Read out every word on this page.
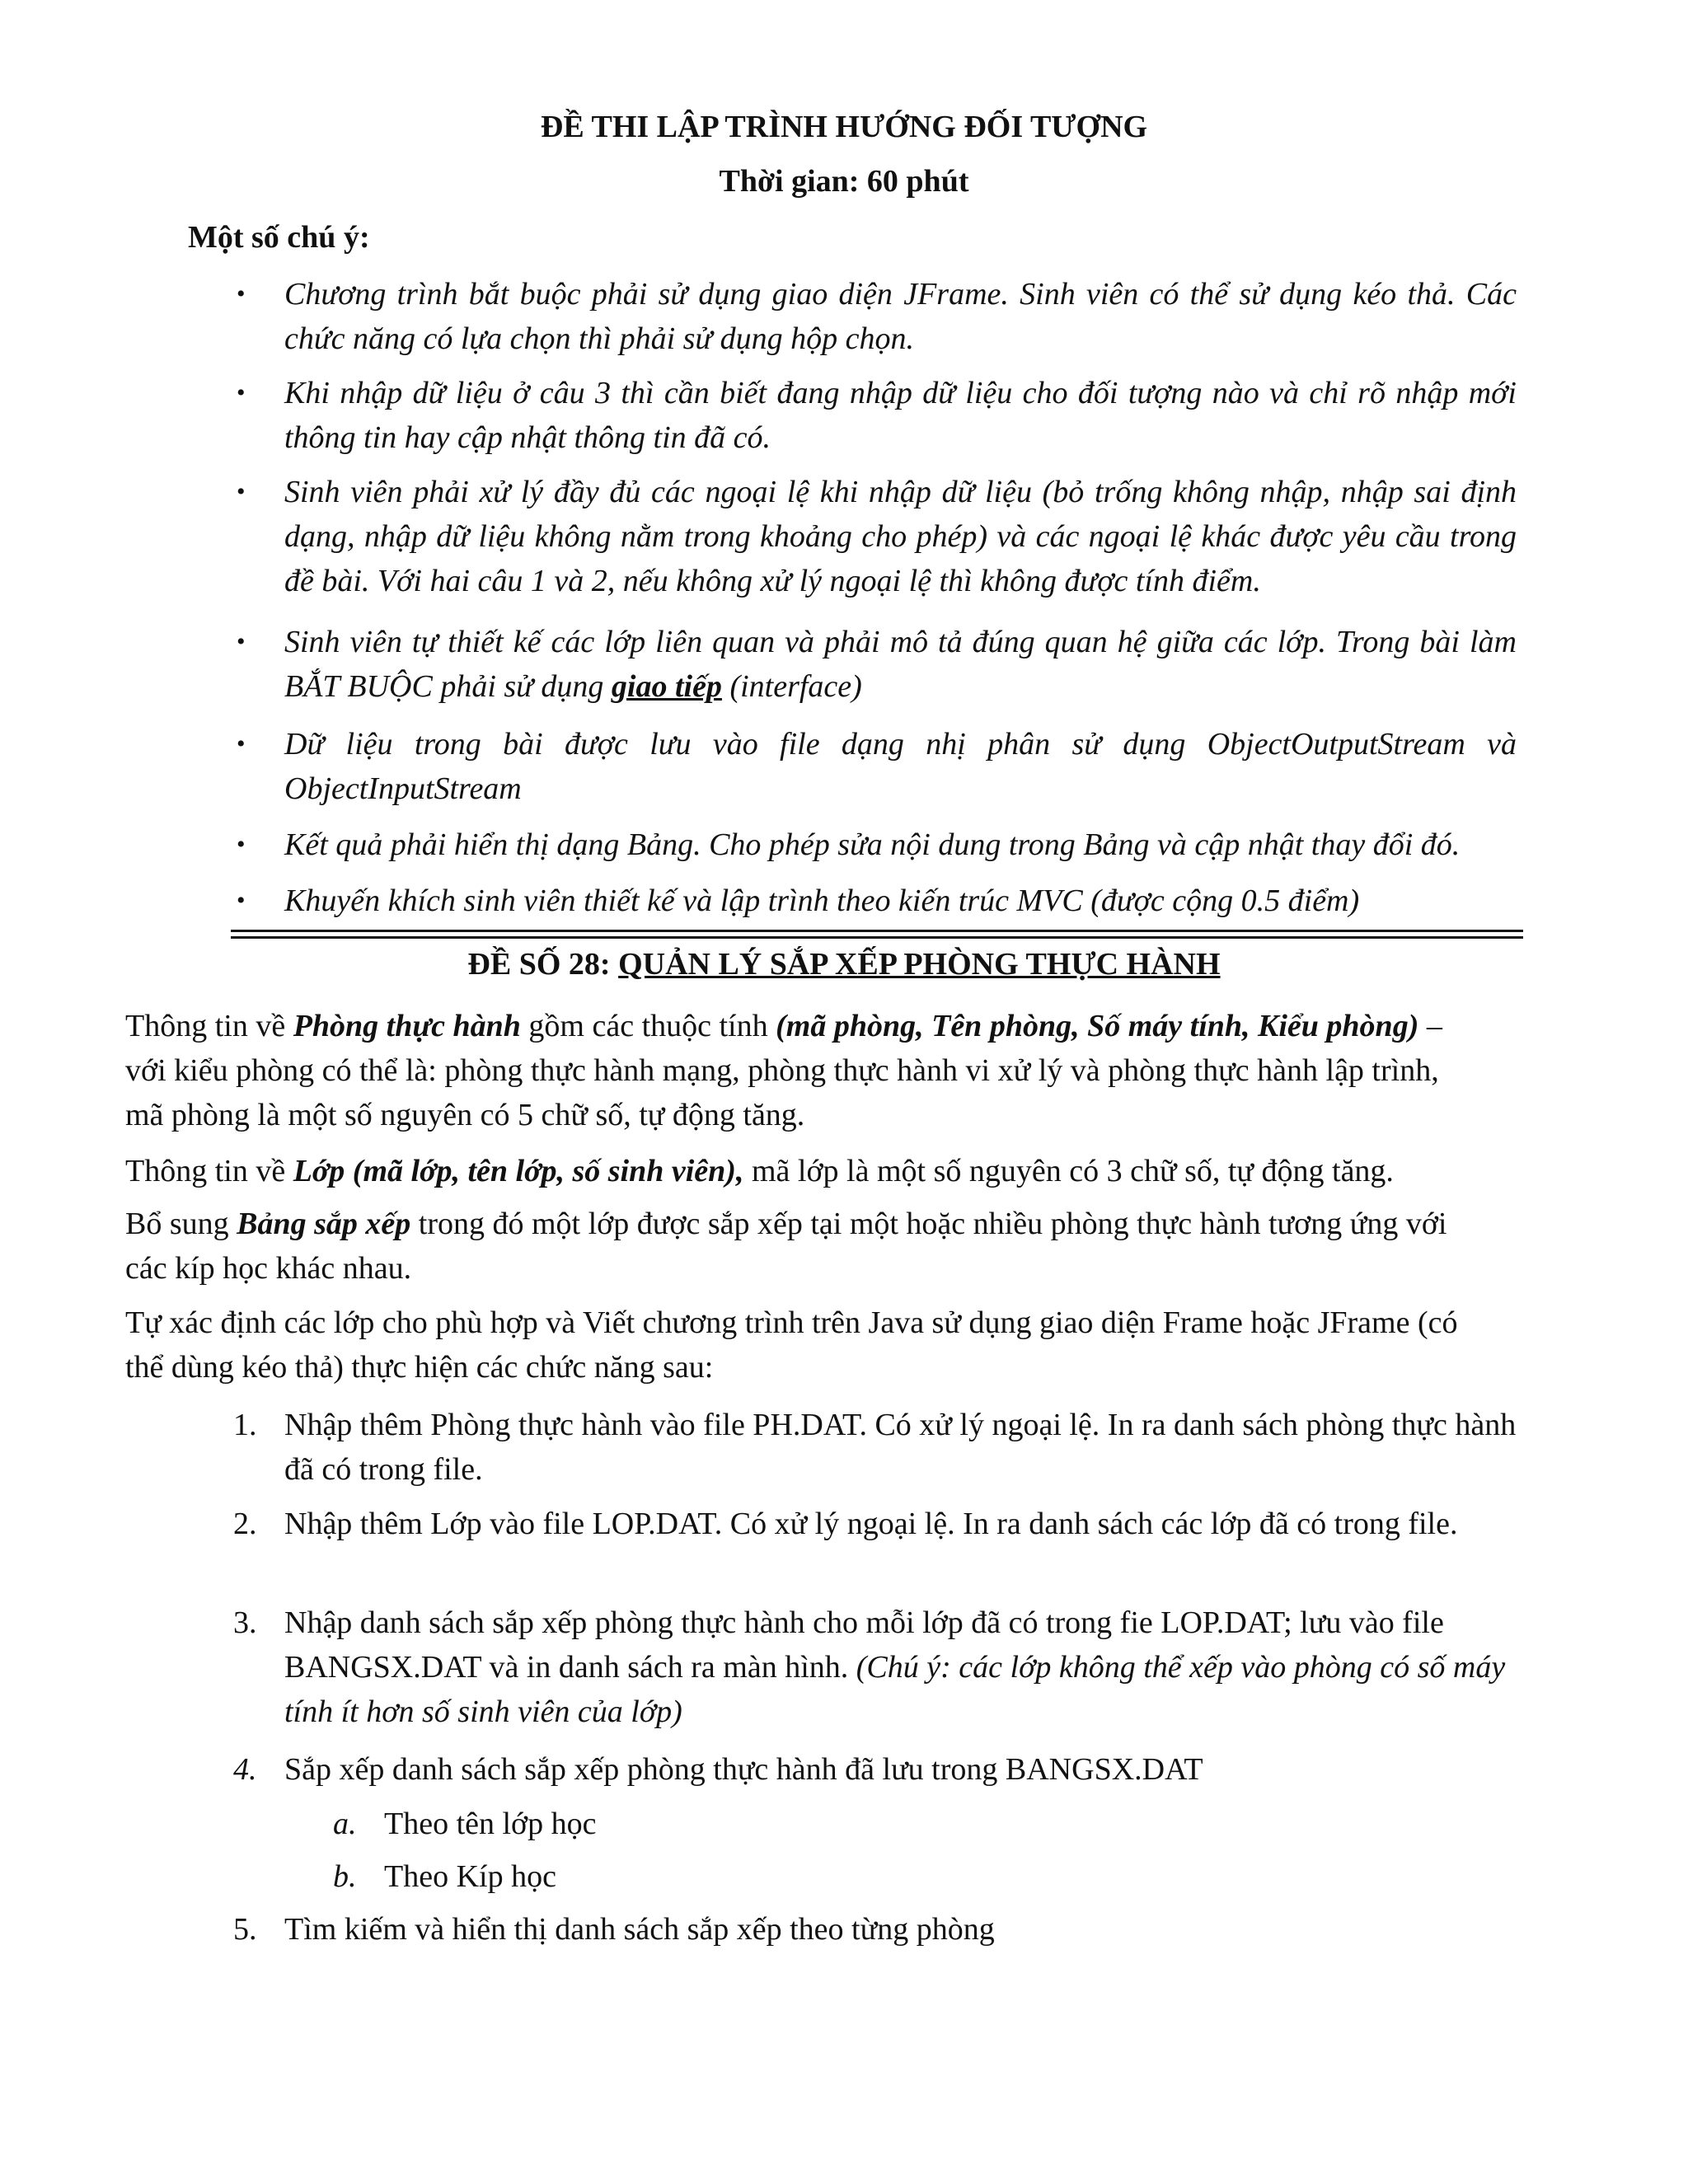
ĐỀ THI LẬP TRÌNH HƯỚNG ĐỐI TƯỢNG
Thời gian: 60 phút
Một số chú ý:
• Chương trình bắt buộc phải sử dụng giao diện JFrame. Sinh viên có thể sử dụng kéo thả. Các chức năng có lựa chọn thì phải sử dụng hộp chọn.
• Khi nhập dữ liệu ở câu 3 thì cần biết đang nhập dữ liệu cho đối tượng nào và chỉ rõ nhập mới thông tin hay cập nhật thông tin đã có.
• Sinh viên phải xử lý đầy đủ các ngoại lệ khi nhập dữ liệu (bỏ trống không nhập, nhập sai định dạng, nhập dữ liệu không nằm trong khoảng cho phép) và các ngoại lệ khác được yêu cầu trong đề bài. Với hai câu 1 và 2, nếu không xử lý ngoại lệ thì không được tính điểm.
• Sinh viên tự thiết kế các lớp liên quan và phải mô tả đúng quan hệ giữa các lớp. Trong bài làm BẮT BUỘC phải sử dụng giao tiếp (interface)
• Dữ liệu trong bài được lưu vào file dạng nhị phân sử dụng ObjectOutputStream và ObjectInputStream
• Kết quả phải hiển thị dạng Bảng. Cho phép sửa nội dung trong Bảng và cập nhật thay đổi đó.
• Khuyến khích sinh viên thiết kế và lập trình theo kiến trúc MVC (được cộng 0.5 điểm)
ĐỀ SỐ 28: QUẢN LÝ SẮP XẾP PHÒNG THỰC HÀNH
Thông tin về Phòng thực hành gồm các thuộc tính (mã phòng, Tên phòng, Số máy tính, Kiểu phòng) – với kiểu phòng có thể là: phòng thực hành mạng, phòng thực hành vi xử lý và phòng thực hành lập trình, mã phòng là một số nguyên có 5 chữ số, tự động tăng.
Thông tin về Lớp (mã lớp, tên lớp, số sinh viên), mã lớp là một số nguyên có 3 chữ số, tự động tăng.
Bổ sung Bảng sắp xếp trong đó một lớp được sắp xếp tại một hoặc nhiều phòng thực hành tương ứng với các kíp học khác nhau.
Tự xác định các lớp cho phù hợp và Viết chương trình trên Java sử dụng giao diện Frame hoặc JFrame (có thể dùng kéo thả) thực hiện các chức năng sau:
1. Nhập thêm Phòng thực hành vào file PH.DAT. Có xử lý ngoại lệ. In ra danh sách phòng thực hành đã có trong file.
2. Nhập thêm Lớp vào file LOP.DAT. Có xử lý ngoại lệ. In ra danh sách các lớp đã có trong file.
3. Nhập danh sách sắp xếp phòng thực hành cho mỗi lớp đã có trong fie LOP.DAT; lưu vào file BANGSX.DAT và in danh sách ra màn hình. (Chú ý: các lớp không thể xếp vào phòng có số máy tính ít hơn số sinh viên của lớp)
4. Sắp xếp danh sách sắp xếp phòng thực hành đã lưu trong BANGSX.DAT
a. Theo tên lớp học
b. Theo Kíp học
5. Tìm kiếm và hiển thị danh sách sắp xếp theo từng phòng
